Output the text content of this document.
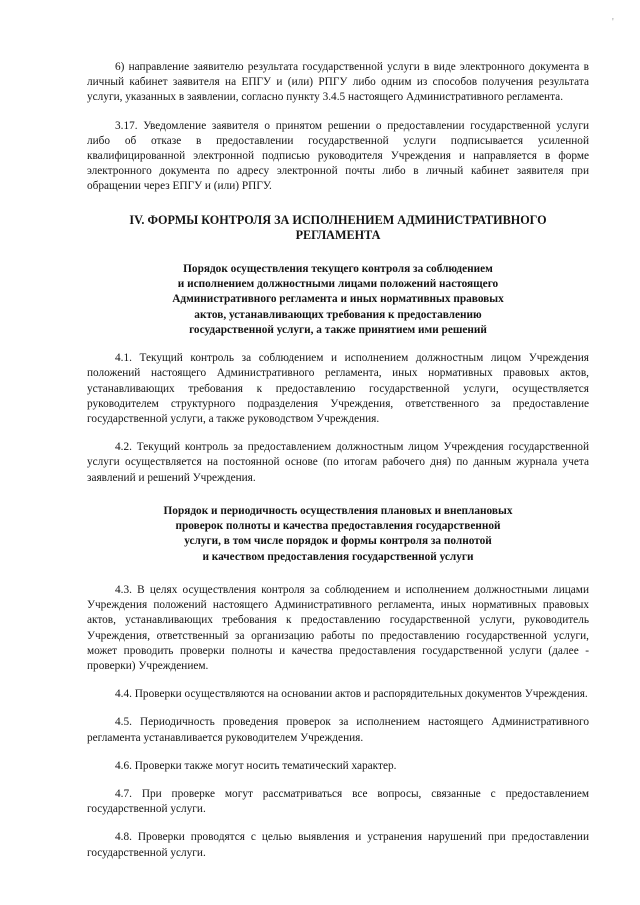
'

6) направление заявителю результата государственной услуги в виде электронного документа в личный кабинет заявителя на ЕПГУ и (или) РПГУ либо одним из способов получения результата услуги, указанных в заявлении, согласно пункту 3.4.5 настоящего Административного регламента.

3.17. Уведомление заявителя о принятом решении о предоставлении государственной услуги либо об отказе в предоставлении государственной услуги подписывается усиленной квалифицированной электронной подписью руководителя Учреждения и направляется в форме электронного документа по адресу электронной почты либо в личный кабинет заявителя при обращении через ЕПГУ и (или) РПГУ.

IV. ФОРМЫ КОНТРОЛЯ ЗА ИСПОЛНЕНИЕМ АДМИНИСТРАТИВНОГО

РЕГЛАМЕНТА

Порядок осуществления текущего контроля за соблюдением
и исполнением должностными лицами положений настоящего
Административного регламента и иных нормативных правовых
актов, устанавливающих требования к предоставлению
государственной услуги, а также принятием ими решений

4.1. Текущий контроль за соблюдением и исполнением должностным лицом Учреждения положений настоящего Административного регламента, иных нормативных правовых актов, устанавливающих требования к предоставлению государственной услуги, осуществляется руководителем структурного подразделения Учреждения, ответственного за предоставление государственной услуги, а также руководством Учреждения.

4.2. Текущий контроль за предоставлением должностным лицом Учреждения государственной услуги осуществляется на постоянной основе (по итогам рабочего дня) по данным журнала учета заявлений и решений Учреждения.

Порядок и периодичность осуществления плановых и внеплановых
проверок полноты и качества предоставления государственной
услуги, в том числе порядок и формы контроля за полнотой
и качеством предоставления государственной услуги

4.3. В целях осуществления контроля за соблюдением и исполнением должностными лицами Учреждения положений настоящего Административного регламента, иных нормативных правовых актов, устанавливающих требования к предоставлению государственной услуги, руководитель Учреждения, ответственный за организацию работы по предоставлению государственной услуги, может проводить проверки полноты и качества предоставления государственной услуги (далее - проверки) Учреждением.

4.4. Проверки осуществляются на основании актов и распорядительных документов Учреждения.

4.5. Периодичность проведения проверок за исполнением настоящего Административного регламента устанавливается руководителем Учреждения.

4.6. Проверки также могут носить тематический характер.

4.7. При проверке могут рассматриваться все вопросы, связанные с предоставлением государственной услуги.

4.8. Проверки проводятся с целью выявления и устранения нарушений при предоставлении государственной услуги.
